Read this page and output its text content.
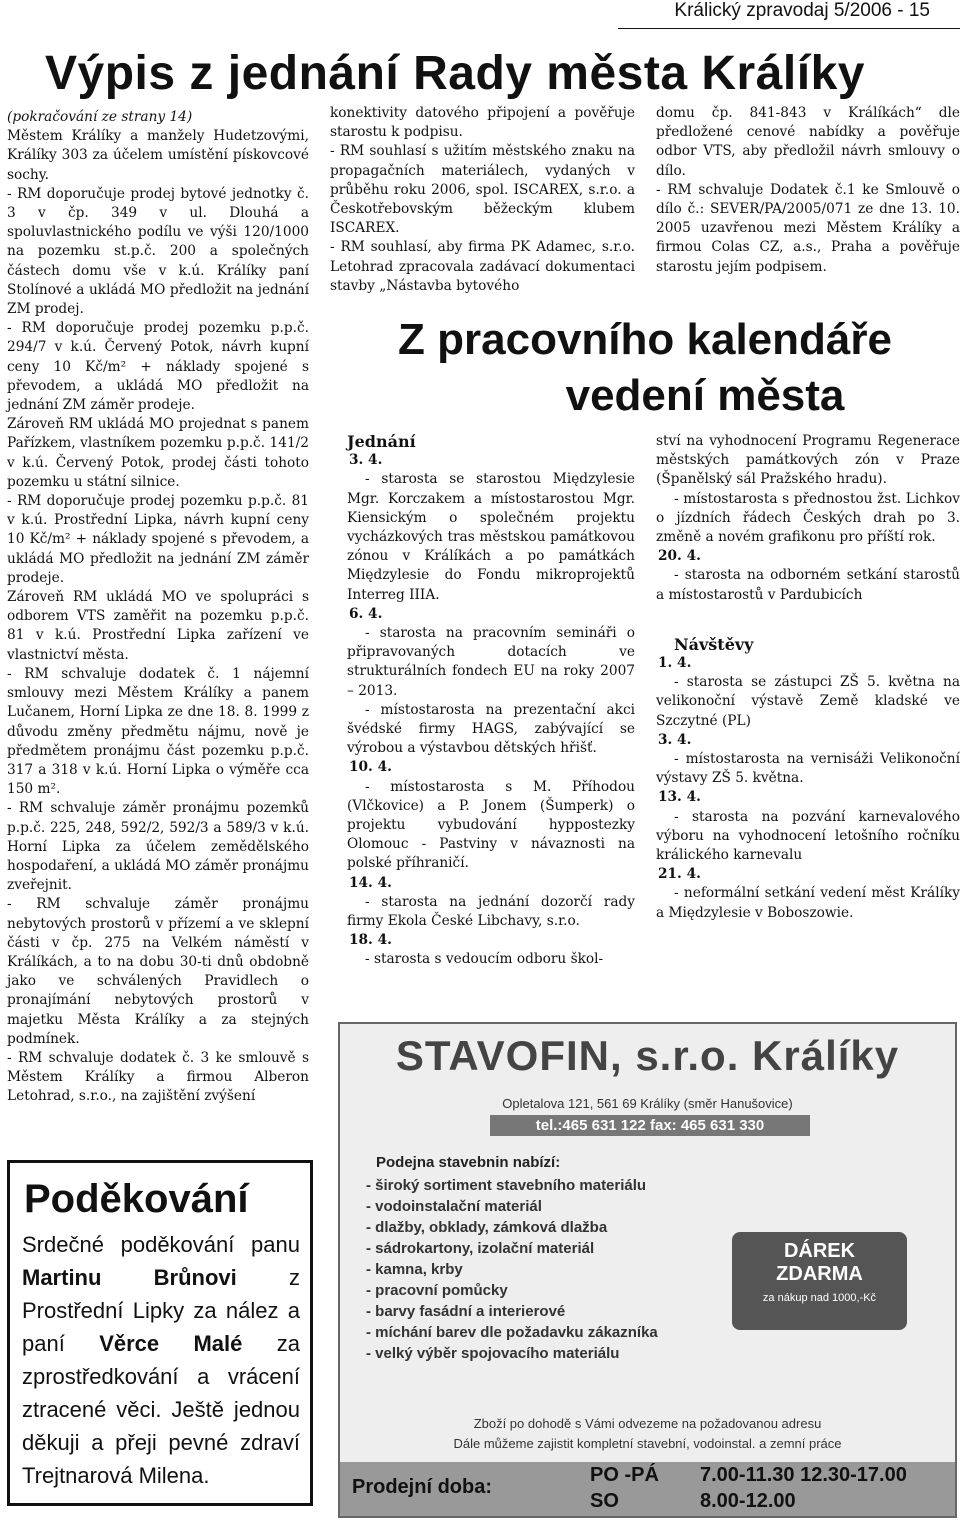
Králický zpravodaj 5/2006 - 15
Výpis z jednání Rady města Králíky

(pokračování ze strany 14)

Městem Králíky a manžely Hudetzovými, Králíky 303 za účelem umístění pískovcové sochy.

- RM doporučuje prodej bytové jednotky č. 3 v čp. 349 v ul. Dlouhá a spoluvlastnického podílu ve výši 120/1000 na pozemku st.p.č. 200 a společných částech domu vše v k.ú. Králíky paní Stolínové a ukládá MO předložit na jednání ZM prodej.

- RM doporučuje prodej pozemku p.p.č. 294/7 v k.ú. Červený Potok, návrh kupní ceny 10 Kč/m² + náklady spojené s převodem, a ukládá MO předložit na jednání ZM záměr prodeje.

Zároveň RM ukládá MO projednat s panem Pařízkem, vlastníkem pozemku p.p.č. 141/2 v k.ú. Červený Potok, prodej části tohoto pozemku u státní silnice.

- RM doporučuje prodej pozemku p.p.č. 81 v k.ú. Prostřední Lipka, návrh kupní ceny 10 Kč/m² + náklady spojené s převodem, a ukládá MO předložit na jednání ZM záměr prodeje.

Zároveň RM ukládá MO ve spolupráci s odborem VTS zaměřit na pozemku p.p.č. 81 v k.ú. Prostřední Lipka zařízení ve vlastnictví města.

- RM schvaluje dodatek č. 1 nájemní smlouvy mezi Městem Králíky a panem Lučanem, Horní Lipka ze dne 18. 8. 1999 z důvodu změny předmětu nájmu, nově je předmětem pronájmu část pozemku p.p.č. 317 a 318 v k.ú. Horní Lipka o výměře cca 150 m².

- RM schvaluje záměr pronájmu pozemků p.p.č. 225, 248, 592/2, 592/3 a 589/3 v k.ú. Horní Lipka za účelem zemědělského hospodaření, a ukládá MO záměr pronájmu zveřejnit.

- RM schvaluje záměr pronájmu nebytových prostorů v přízemí a ve sklepní části v čp. 275 na Velkém náměstí v Králíkách, a to na dobu 30-ti dnů obdobně jako ve schválených Pravidlech o pronajímání nebytových prostorů v majetku Města Králíky a za stejných podmínek.

- RM schvaluje dodatek č. 3 ke smlouvě s Městem Králíky a firmou Alberon Letohrad, s.r.o., na zajištění zvýšení

konektivity datového připojení a pověřuje starostu k podpisu.

- RM souhlasí s užitím městského znaku na propagačních materiálech, vydaných v průběhu roku 2006, spol. ISCAREX, s.r.o. a Českotřebovským běžeckým klubem ISCAREX.

- RM souhlasí, aby firma PK Adamec, s.r.o. Letohrad zpracovala zadávací dokumentaci stavby „Nástavba bytového

domu čp. 841-843 v Králíkách“ dle předložené cenové nabídky a pověřuje odbor VTS, aby předložil návrh smlouvy o dílo.

- RM schvaluje Dodatek č.1 ke Smlouvě o dílo č.: SEVER/PA/2005/071 ze dne 13. 10. 2005 uzavřenou mezi Městem Králíky a firmou Colas CZ, a.s., Praha a pověřuje starostu jejím podpisem.

Z pracovního kalendáře
vedení města

Jednání

3. 4.

- starosta se starostou Międzylesie Mgr. Korczakem a místostarostou Mgr. Kiensickým o společném projektu vycházkových tras městskou památkovou zónou v Králíkách a po památkách Międzylesie do Fondu mikroprojektů Interreg IIIA.

6. 4.

- starosta na pracovním semináři o připravovaných dotacích ve strukturálních fondech EU na roky 2007 – 2013.

- místostarosta na prezentační akci švédské firmy HAGS, zabývající se výrobou a výstavbou dětských hřišť.

10. 4.

- místostarosta s M. Příhodou (Vlčkovice) a P. Jonem (Šumperk) o projektu vybudování hyppostezky Olomouc - Pastviny v návaznosti na polské příhraničí.

14. 4.

- starosta na jednání dozorčí rady firmy Ekola České Libchavy, s.r.o.

18. 4.

- starosta s vedoucím odboru škol-

ství na vyhodnocení Programu Regenerace městských památkových zón v Praze (Španělský sál Pražského hradu).

- místostarosta s přednostou žst. Lichkov o jízdních řádech Českých drah po 3. změně a novém grafikonu pro příští rok.

20. 4.

- starosta na odborném setkání starostů a místostarostů v Pardubicích

Návštěvy

1. 4.

- starosta se zástupci ZŠ 5. května na velikonoční výstavě Země kladské ve Szczytné (PL)

3. 4.

- místostarosta na vernisáži Velikonoční výstavy ZŠ 5. května.

13. 4.

- starosta na pozvání karnevalového výboru na vyhodnocení letošního ročníku králického karnevalu

21. 4.

- neformální setkání vedení měst Králíky a Międzylesie v Boboszowie.

Poděkování
Srdečné poděkování panu Martinu Brůnovi z Prostřední Lipky za nález a paní Věrce Malé za zprostředkování a vrácení ztracené věci. Ještě jednou děkuji a přeji pevné zdraví Trejtnarová Milena.
STAVOFIN, s.r.o. Králíky
Opletalova 121, 561 69 Králíky (směr Hanušovice)
tel.:465 631 122 fax: 465 631 330
Podejna stavebnin nabízí:
- široký sortiment stavebního materiálu
- vodoinstalační materiál
- dlažby, obklady, zámková dlažba
- sádrokartony, izolační materiál
- kamna, krby
- pracovní pomůcky
- barvy fasádní a interierové
- míchání barev dle požadavku zákazníka
- velký výběr spojovacího materiálu
DÁREK
ZDARMA
za nákup nad 1000,-Kč
Zboží po dohodě s Vámi odvezeme na požadovanou adresu
Dále můžeme zajistit kompletní stavební, vodoinstal. a zemní práce
Prodejní doba:
PO -PÁ 7.00-11.30 12.30-17.00
SO	8.00-12.00
